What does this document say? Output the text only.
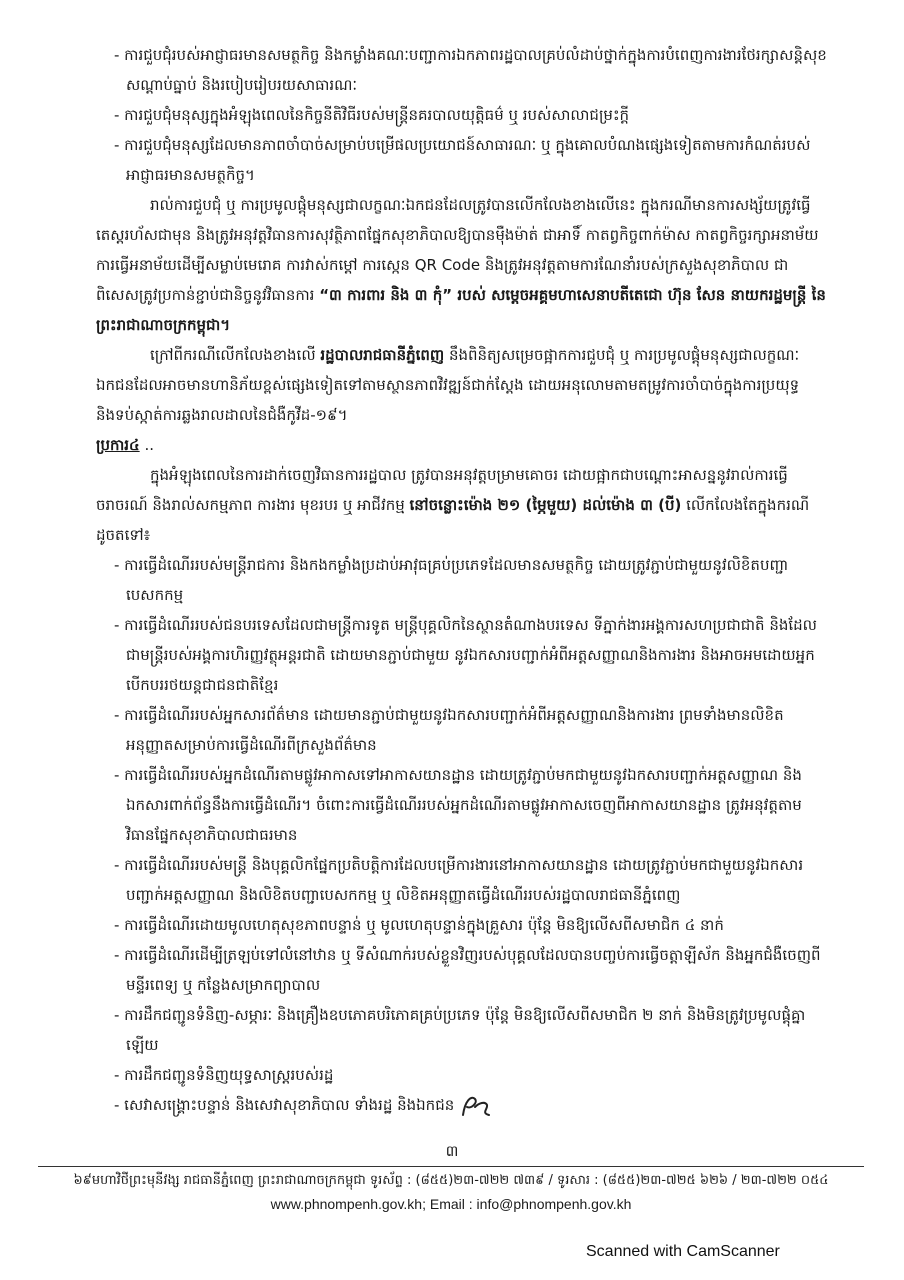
- ការជួបជុំរបស់អាជ្ញាធរមានសមត្ថកិច្ច និងកម្លាំងគណៈបញ្ជាការឯកភាពរដ្ឋបាលគ្រប់លំដាប់ថ្នាក់ក្នុងការបំពេញការងារថែរក្សាសន្តិសុខ សណ្តាប់ធ្នាប់ និងរបៀបរៀបរយសាធារណៈ
- ការជួបជុំមនុស្សក្នុងអំឡុងពេលនៃកិច្ចនីតិវិធីរបស់មន្ត្រីនគរបាលយុត្តិធម៌ ឬ របស់សាលាជម្រះក្តី
- ការជួបជុំមនុស្សដែលមានភាពចាំបាច់សម្រាប់បម្រើផលប្រយោជន៍សាធារណៈ ឬ ក្នុងគោលបំណងផ្សេងទៀតតាមការកំណត់របស់អាជ្ញាធរមានសមត្ថកិច្ច។
រាល់ការជួបជុំ ឬ ការប្រមូលផ្តុំមនុស្សជាលក្ខណៈឯកជនដែលត្រូវបានលើកលែងខាងលើនេះ ក្នុងករណីមានការសង្ស័យត្រូវធ្វើតេស្តរហ័សជាមុន និងត្រូវអនុវត្តវិធានការសុវត្ថិភាពផ្នែកសុខាភិបាលឱ្យបានម៉ឺងម៉ាត់ ជាអាទិ៍ កាតព្វកិច្ចពាក់ម៉ាស កាតព្វកិច្ចរក្សាអនាម័យ ការធ្វើអនាម័យដើម្បីសម្លាប់មេរោគ ការវាស់កម្តៅ ការស្កេន QR Code និងត្រូវអនុវត្តតាមការណែនាំរបស់ក្រសួងសុខាភិបាល ជាពិសេសត្រូវប្រកាន់ខ្ជាប់ជានិច្ចនូវវិធានការ “៣ ការពារ និង ៣ កុំ” របស់ សម្តេចអគ្គមហាសេនាបតីតេជោ ហ៊ុន សែន នាយករដ្ឋមន្ត្រី នៃព្រះរាជាណាចក្រកម្ពុជា។
ក្រៅពីករណីលើកលែងខាងលើ រដ្ឋបាលរាជធានីភ្នំពេញ នឹងពិនិត្យសម្រេចផ្អាកការជួបជុំ ឬ ការប្រមូលផ្តុំមនុស្សជាលក្ខណៈឯកជនដែលអាចមានហានិភ័យខ្ពស់ផ្សេងទៀតទៅតាមស្ថានភាពវិវឌ្ឍន៍ជាក់ស្តែង ដោយអនុលោមតាមតម្រូវការចាំបាច់ក្នុងការប្រយុទ្ធ និងទប់ស្កាត់ការឆ្លងរាលដាលនៃជំងឺកូវីដ-១៩។
ប្រការ៤ ..
ក្នុងអំឡុងពេលនៃការដាក់ចេញវិធានការរដ្ឋបាល ត្រូវបានអនុវត្តបម្រាមគោចរ ដោយផ្អាកជាបណ្តោះអាសន្ននូវរាល់ការធ្វើចរាចរណ៍ និងរាល់សកម្មភាព ការងារ មុខរបរ ឬ អាជីវកម្ម នៅចន្លោះម៉ោង ២១ (ម្ភៃមួយ) ដល់ម៉ោង ៣ (បី) លើកលែងតែក្នុងករណី ដូចតទៅ៖
- ការធ្វើដំណើររបស់មន្ត្រីរាជការ និងកងកម្លាំងប្រដាប់អាវុធគ្រប់ប្រភេទដែលមានសមត្ថកិច្ច ដោយត្រូវភ្ជាប់ជាមួយនូវលិខិតបញ្ជាបេសកកម្ម
- ការធ្វើដំណើររបស់ជនបរទេសដែលជាមន្ត្រីការទូត មន្ត្រីបុគ្គលិកនៃស្ថានតំណាងបរទេស ទីភ្នាក់ងារអង្គការសហប្រជាជាតិ និងដែលជាមន្ត្រីរបស់អង្គការហិរញ្ញវត្ថុអន្តរជាតិ ដោយមានភ្ជាប់ជាមួយ នូវឯកសារបញ្ជាក់អំពីអត្តសញ្ញាណនិងការងារ និងអាចអមដោយអ្នកបើកបររថយន្តជាជនជាតិខ្មែរ
- ការធ្វើដំណើររបស់អ្នកសារព័ត៌មាន ដោយមានភ្ជាប់ជាមួយនូវឯកសារបញ្ជាក់អំពីអត្តសញ្ញាណនិងការងារ ព្រមទាំងមានលិខិតអនុញ្ញាតសម្រាប់ការធ្វើដំណើរពីក្រសួងព័ត៌មាន
- ការធ្វើដំណើររបស់អ្នកដំណើរតាមផ្លូវអាកាសទៅអាកាសយានដ្ឋាន ដោយត្រូវភ្ជាប់មកជាមួយនូវឯកសារបញ្ជាក់អត្តសញ្ញាណ និងឯកសារពាក់ព័ន្ធនឹងការធ្វើដំណើរ។ ចំពោះការធ្វើដំណើររបស់អ្នកដំណើរតាមផ្លូវអាកាសចេញពីអាកាសយានដ្ឋាន ត្រូវអនុវត្តតាមវិធានផ្នែកសុខាភិបាលជាធរមាន
- ការធ្វើដំណើររបស់មន្ត្រី និងបុគ្គលិកផ្នែកប្រតិបត្តិការដែលបម្រើការងារនៅអាកាសយានដ្ឋាន ដោយត្រូវភ្ជាប់មកជាមួយនូវឯកសារបញ្ជាក់អត្តសញ្ញាណ និងលិខិតបញ្ជាបេសកកម្ម ឬ លិខិតអនុញ្ញាតធ្វើដំណើររបស់រដ្ឋបាលរាជធានីភ្នំពេញ
- ការធ្វើដំណើរដោយមូលហេតុសុខភាពបន្ទាន់ ឬ មូលហេតុបន្ទាន់ក្នុងគ្រួសារ ប៉ុន្តែ មិនឱ្យលើសពីសមាជិក ៤ នាក់
- ការធ្វើដំណើរដើម្បីត្រឡប់ទៅលំនៅឋាន ឬ ទីសំណាក់របស់ខ្លួនវិញរបស់បុគ្គលដែលបានបញ្ចប់ការធ្វើចត្តាឡីស័ក និងអ្នកជំងឺចេញពីមន្ទីរពេទ្យ ឬ កន្លែងសម្រាកព្យាបាល
- ការដឹកជញ្ជូនទំនិញ-សម្ភារៈ និងគ្រឿងឧបភោគបរិភោគគ្រប់ប្រភេទ ប៉ុន្តែ មិនឱ្យលើសពីសមាជិក ២ នាក់ និងមិនត្រូវប្រមូលផ្តុំគ្នាឡើយ
- ការដឹកជញ្ជូនទំនិញយុទ្ធសាស្ត្ររបស់រដ្ឋ
- សេវាសង្គ្រោះបន្ទាន់ និងសេវាសុខាភិបាល ទាំងរដ្ឋ និងឯកជន
៣
៦៩មហាវិថីព្រះមុនីវង្ស រាជធានីភ្នំពេញ ព្រះរាជាណាចក្រកម្ពុជា ទូរស័ព្ទ : (៨៥៥)២៣-៧២២ ៧៣៩ / ទូរសារ : (៨៥៥)២៣-៧២៥ ៦២៦ / ២៣-៧២២ ០៥៤
www.phnompenh.gov.kh; Email : info@phnompenh.gov.kh
Scanned with CamScanner
